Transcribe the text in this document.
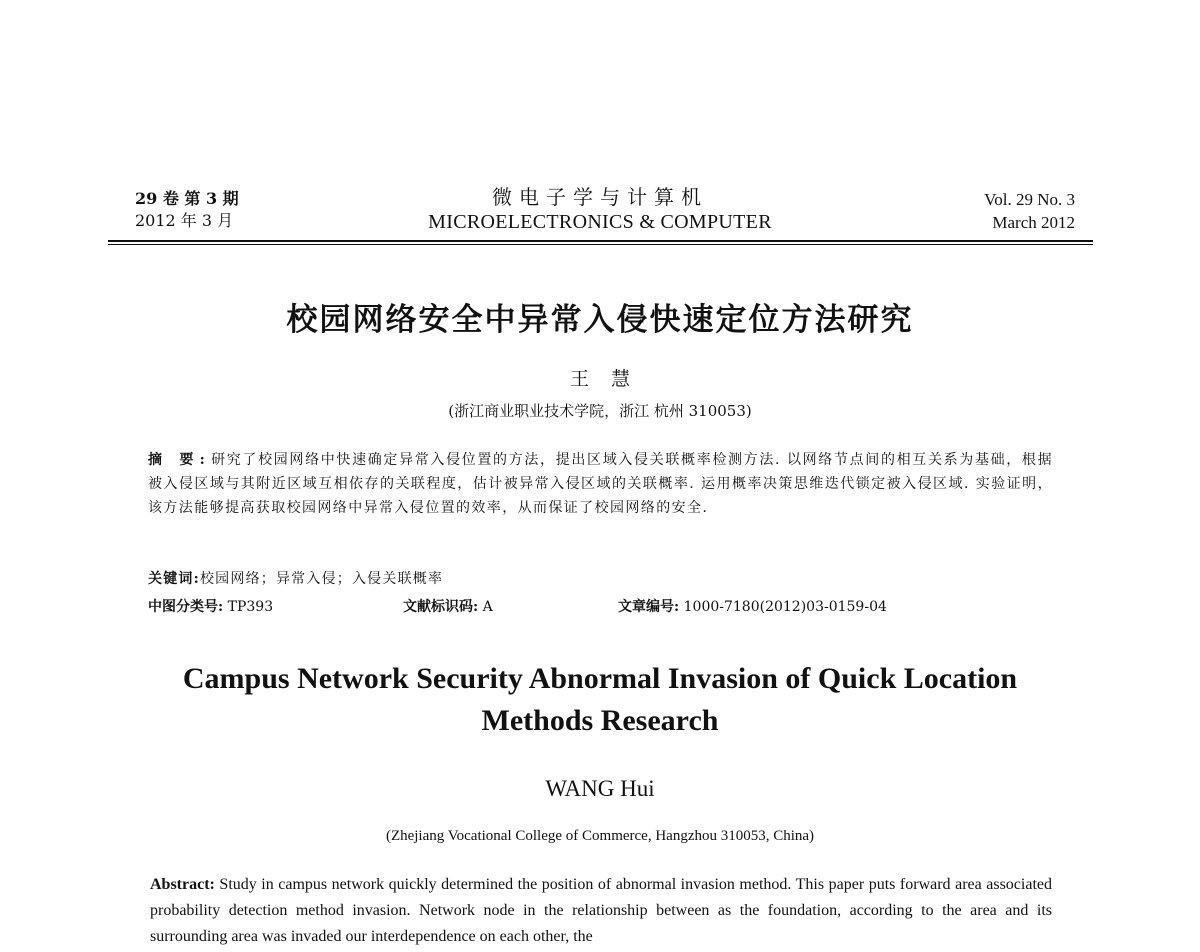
29 卷 第 3 期
2012 年 3 月
微电子学与计算机
MICROELECTRONICS & COMPUTER
Vol. 29 No. 3
March 2012
校园网络安全中异常入侵快速定位方法研究
王慧
(浙江商业职业技术学院，浙江 杭州 310053)
摘 要:研究了校园网络中快速确定异常入侵位置的方法，提出区域入侵关联概率检测方法. 以网络节点间的相互关系为基础，根据被入侵区域与其附近区域互相依存的关联程度，估计被异常入侵区域的关联概率. 运用概率决策思维迭代锁定被入侵区域. 实验证明，该方法能够提高获取校园网络中异常入侵位置的效率，从而保证了校园网络的安全.
关键词:校园网络；异常入侵；入侵关联概率
中图分类号: TP393	文献标识码: A	文章编号: 1000-7180(2012)03-0159-04
Campus Network Security Abnormal Invasion of Quick Location
Methods Research
WANG Hui
(Zhejiang Vocational College of Commerce, Hangzhou 310053, China)
Abstract: Study in campus network quickly determined the position of abnormal invasion method. This paper puts forward area associated probability detection method invasion. Network node in the relationship between as the foundation, according to the area and its surrounding area was invaded our interdependence on each other, the
